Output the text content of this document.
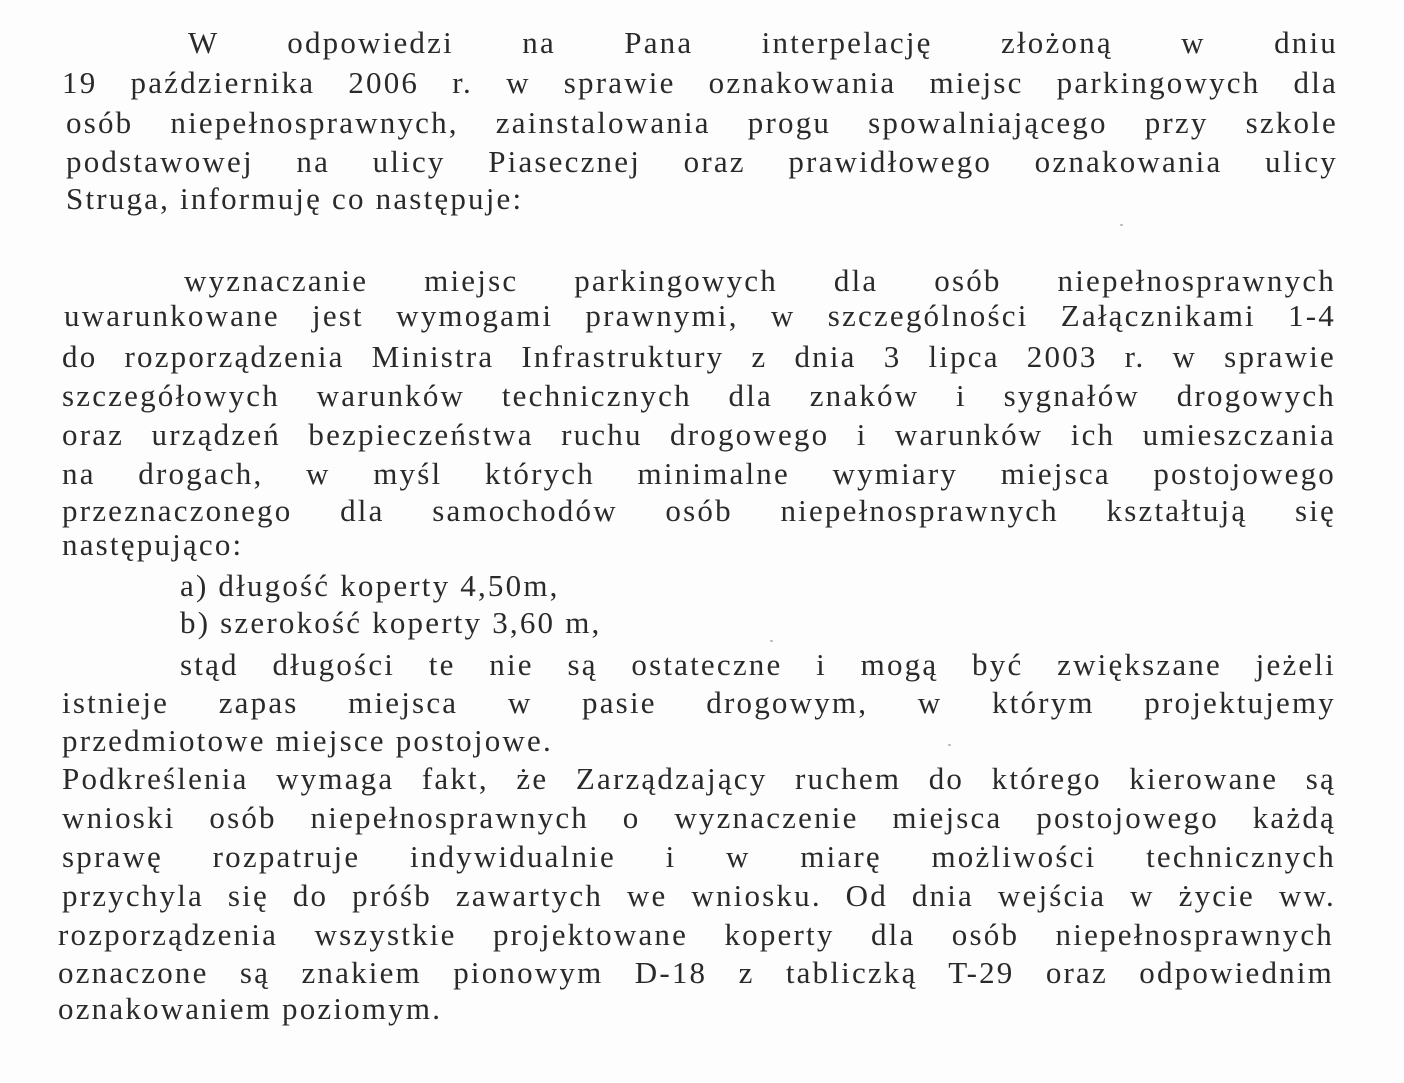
W odpowiedzi na Pana interpelację złożoną w dniu
19 października 2006 r. w sprawie oznakowania miejsc parkingowych dla
osób niepełnosprawnych, zainstalowania progu spowalniającego przy szkole
podstawowej na ulicy Piasecznej oraz prawidłowego oznakowania ulicy
Struga, informuję co następuje:
wyznaczanie miejsc parkingowych dla osób niepełnosprawnych
uwarunkowane jest wymogami prawnymi, w szczególności Załącznikami 1-4
do rozporządzenia Ministra Infrastruktury z dnia 3 lipca 2003 r. w sprawie
szczegółowych warunków technicznych dla znaków i sygnałów drogowych
oraz urządzeń bezpieczeństwa ruchu drogowego i warunków ich umieszczania
na drogach, w myśl których minimalne wymiary miejsca postojowego
przeznaczonego dla samochodów osób niepełnosprawnych kształtują się
następująco:
a) długość koperty 4,50m,
b) szerokość koperty 3,60 m,
stąd długości te nie są ostateczne i mogą być zwiększane jeżeli
istnieje zapas miejsca w pasie drogowym, w którym projektujemy
przedmiotowe miejsce postojowe.
Podkreślenia wymaga fakt, że Zarządzający ruchem do którego kierowane są
wnioski osób niepełnosprawnych o wyznaczenie miejsca postojowego każdą
sprawę rozpatruje indywidualnie i w miarę możliwości technicznych
przychyla się do próśb zawartych we wniosku. Od dnia wejścia w życie ww.
rozporządzenia wszystkie projektowane koperty dla osób niepełnosprawnych
oznaczone są znakiem pionowym D-18 z tabliczką T-29 oraz odpowiednim
oznakowaniem poziomym.
